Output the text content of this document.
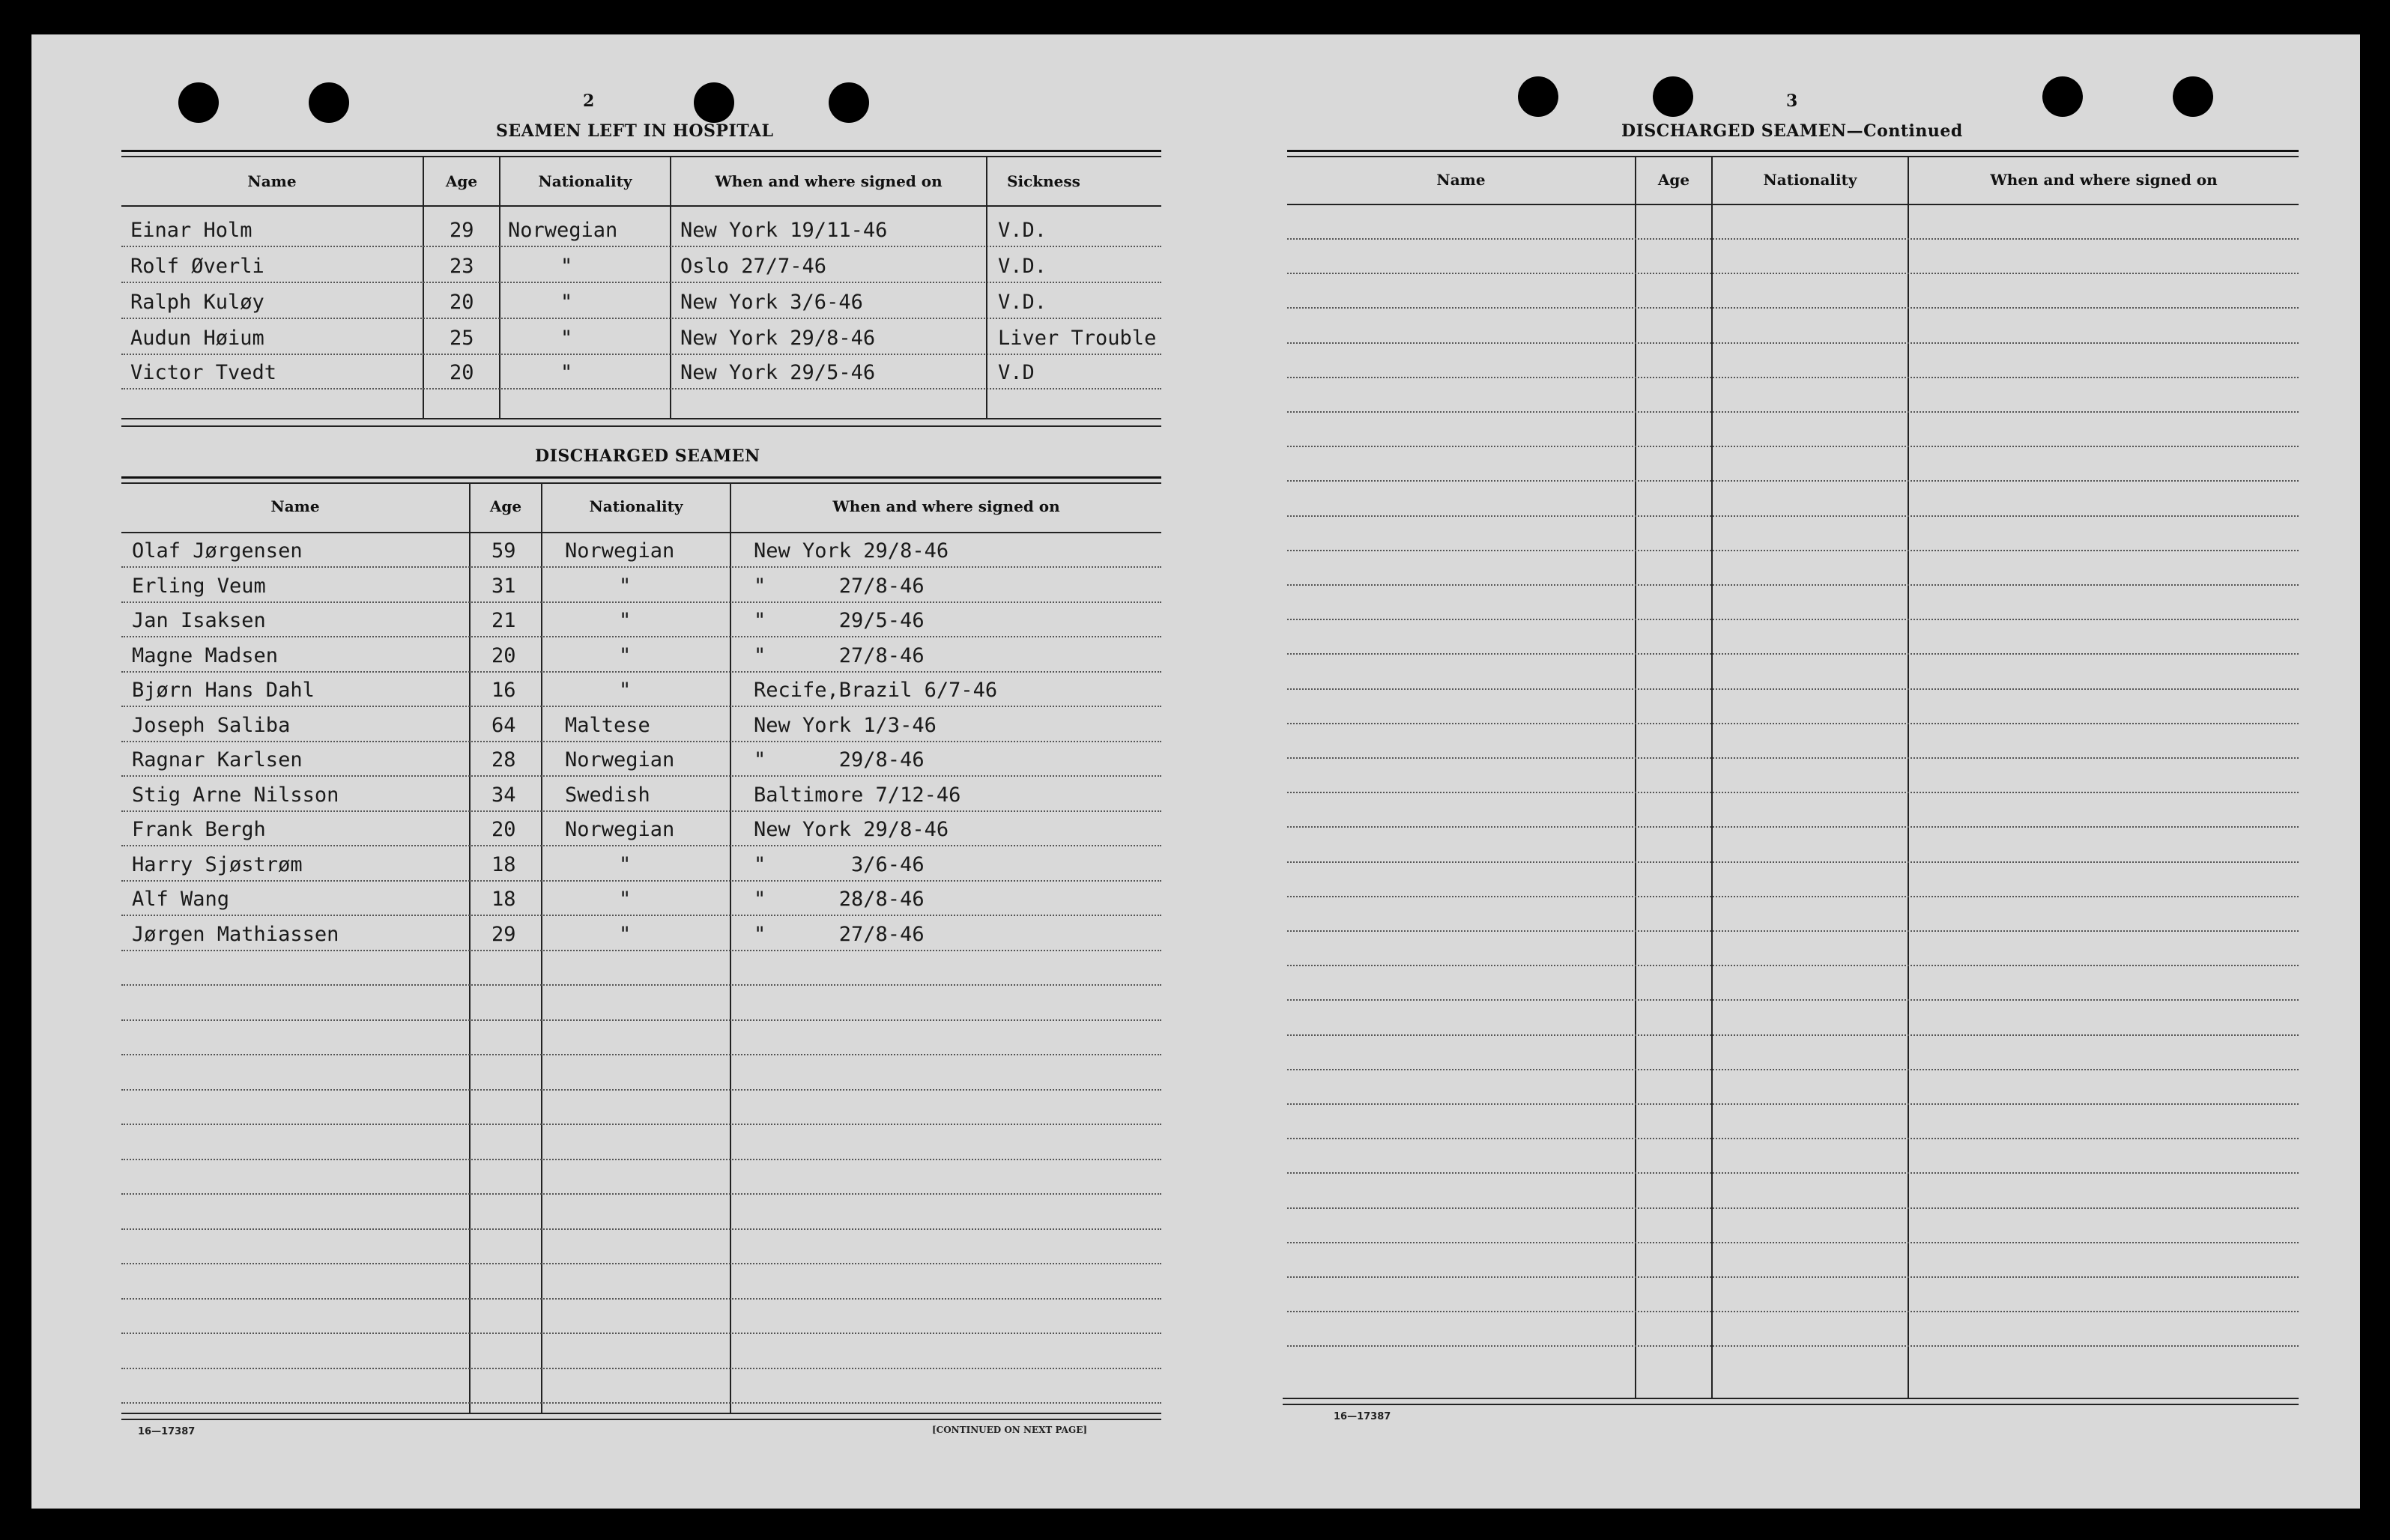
2
SEAMEN LEFT IN HOSPITAL
Name	Age	Nationality	When and where signed on	Sickness
Einar Holm	29 Norwegian	New York 19/11-46	V.D.
Rolf Øverli	23	"	Oslo 27/7-46	V.D.
Ralph Kuløy	20	"	New York 3/6-46	V.D.
Audun Høium	25	"	New York 29/8-46	Liver Trouble
Victor Tvedt	20	"	New York 29/5-46	V.D
DISCHARGED SEAMEN
Name	Age	Nationality	When and where signed on
Olaf Jørgensen	59 Norwegian	New York 29/8-46
Erling Veum	31	"	"      27/8-46
Jan Isaksen	21	"	"      29/5-46
Magne Madsen	20	"	"      27/8-46
Bjørn Hans Dahl	16	"	Recife,Brazil 6/7-46
Joseph Saliba	64 Maltese	New York 1/3-46
Ragnar Karlsen	28 Norwegian	"      29/8-46
Stig Arne Nilsson	34 Swedish	Baltimore 7/12-46
Frank Bergh	20 Norwegian	New York 29/8-46
Harry Sjøstrøm	18	"	"       3/6-46
Alf Wang	18	"	"      28/8-46
Jørgen Mathiassen	29	"	"      27/8-46
16—17387	[CONTINUED ON NEXT PAGE]
3
DISCHARGED SEAMEN—Continued
Name	Age	Nationality	When and where signed on
16—17387
